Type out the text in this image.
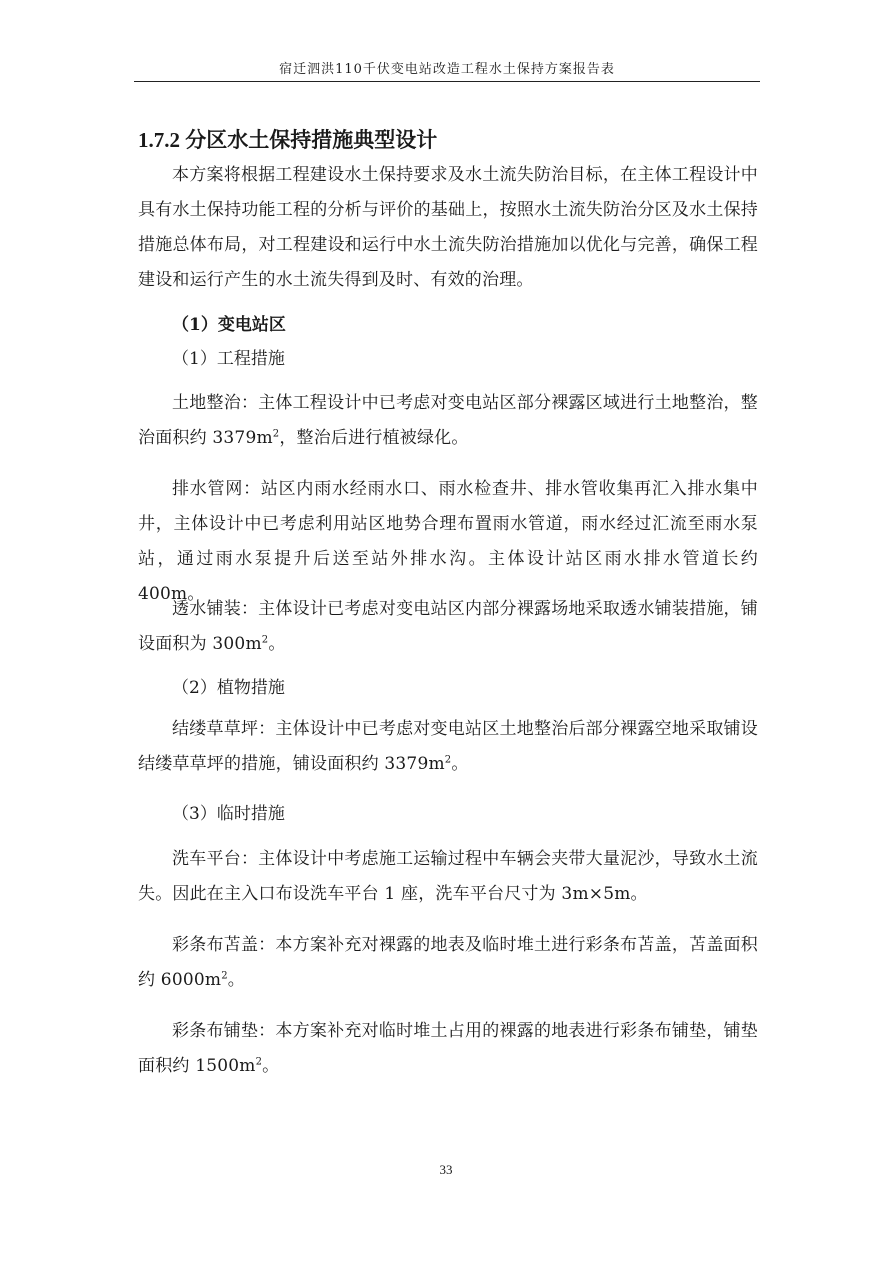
宿迁泗洪110千伏变电站改造工程水土保持方案报告表
1.7.2 分区水土保持措施典型设计
本方案将根据工程建设水土保持要求及水土流失防治目标，在主体工程设计中具有水土保持功能工程的分析与评价的基础上，按照水土流失防治分区及水土保持措施总体布局，对工程建设和运行中水土流失防治措施加以优化与完善，确保工程建设和运行产生的水土流失得到及时、有效的治理。
（1）变电站区
（1）工程措施
土地整治：主体工程设计中已考虑对变电站区部分裸露区域进行土地整治，整治面积约 $3379m^2$，整治后进行植被绿化。
排水管网：站区内雨水经雨水口、雨水检查井、排水管收集再汇入排水集中井，主体设计中已考虑利用站区地势合理布置雨水管道，雨水经过汇流至雨水泵站，通过雨水泵提升后送至站外排水沟。主体设计站区雨水排水管道长约 400m。
透水铺装：主体设计已考虑对变电站区内部分裸露场地采取透水铺装措施，铺设面积为 $300m^2$。
（2）植物措施
结缕草草坪：主体设计中已考虑对变电站区土地整治后部分裸露空地采取铺设结缕草草坪的措施，铺设面积约 $3379m^2$。
（3）临时措施
洗车平台：主体设计中考虑施工运输过程中车辆会夹带大量泥沙，导致水土流失。因此在主入口布设洗车平台 1 座，洗车平台尺寸为 3m×5m。
彩条布苫盖：本方案补充对裸露的地表及临时堆土进行彩条布苫盖，苫盖面积约 $6000m^2$。
彩条布铺垫：本方案补充对临时堆土占用的裸露的地表进行彩条布铺垫，铺垫面积约 $1500m^2$。
33
